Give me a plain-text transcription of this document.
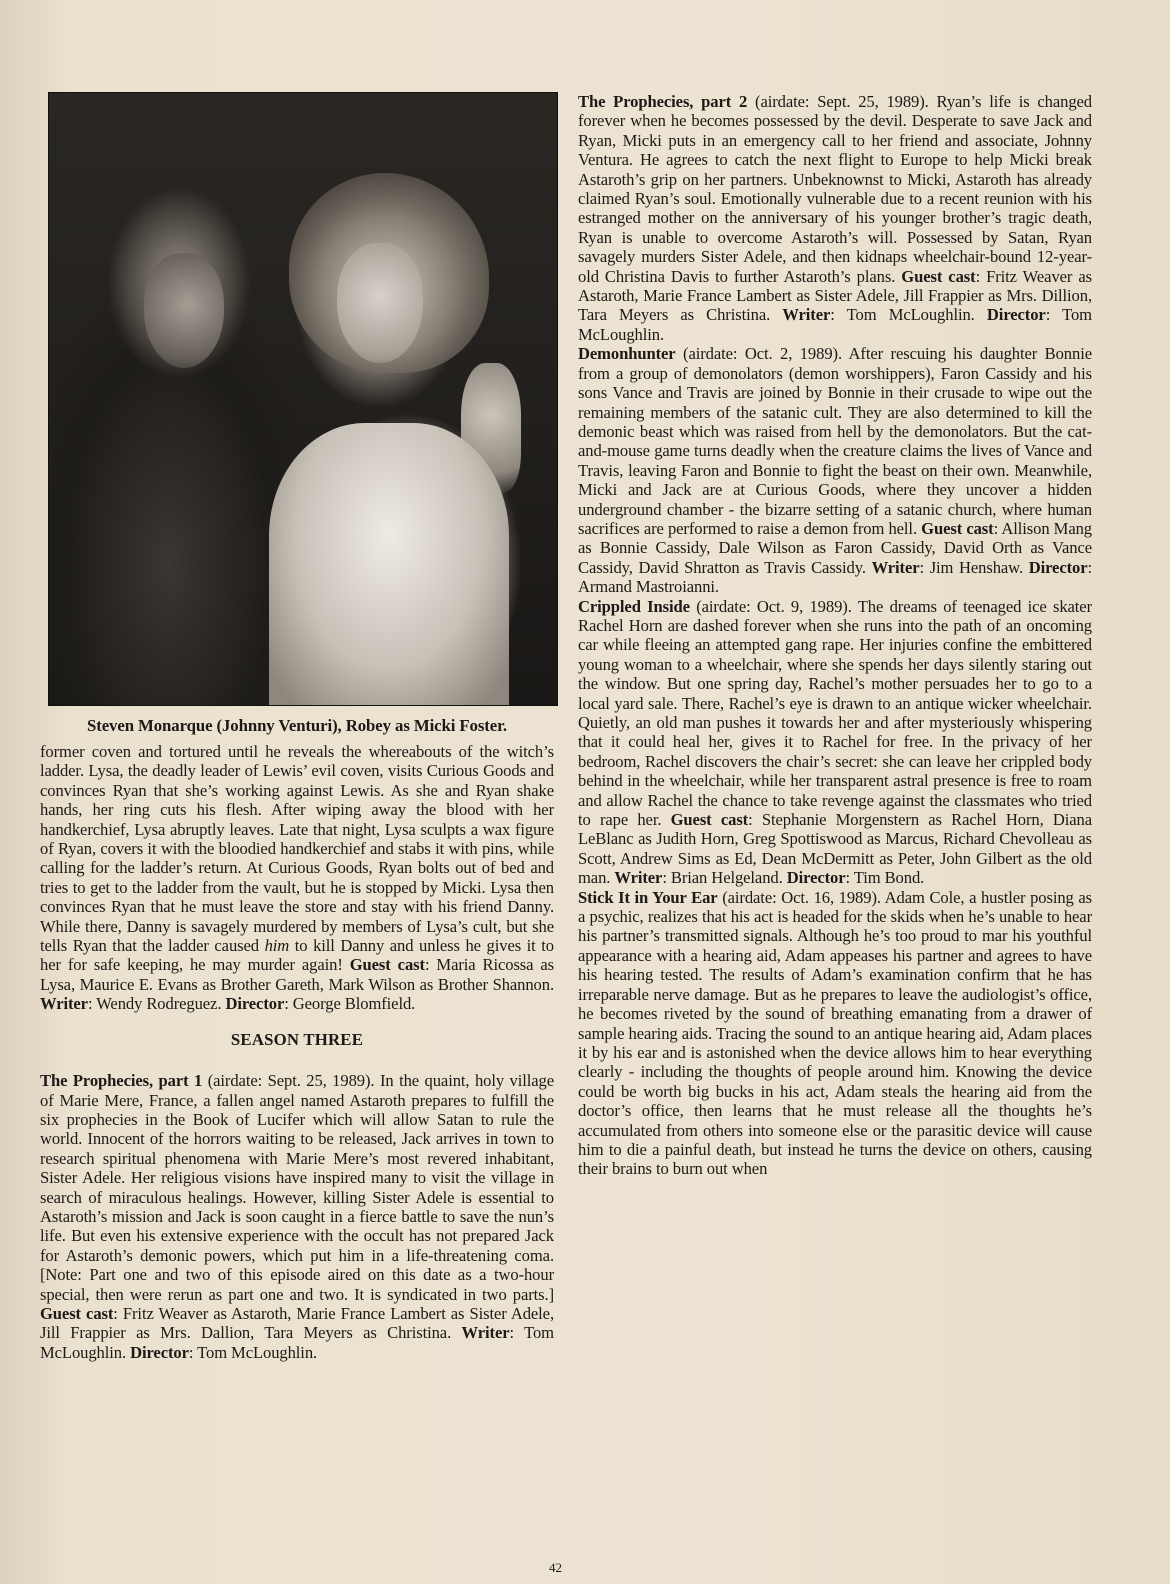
Steven Monarque (Johnny Venturi), Robey as Micki Foster.

former coven and tortured until he reveals the whereabouts of the witch’s ladder. Lysa, the deadly leader of Lewis’ evil coven, visits Curious Goods and convinces Ryan that she’s working against Lewis. As she and Ryan shake hands, her ring cuts his flesh. After wiping away the blood with her handkerchief, Lysa abruptly leaves. Late that night, Lysa sculpts a wax figure of Ryan, covers it with the bloodied handkerchief and stabs it with pins, while calling for the ladder’s return. At Curious Goods, Ryan bolts out of bed and tries to get to the ladder from the vault, but he is stopped by Micki. Lysa then convinces Ryan that he must leave the store and stay with his friend Danny. While there, Danny is savagely murdered by members of Lysa’s cult, but she tells Ryan that the ladder caused him to kill Danny and unless he gives it to her for safe keeping, he may murder again! Guest cast: Maria Ricossa as Lysa, Maurice E. Evans as Brother Gareth, Mark Wilson as Brother Shannon. Writer: Wendy Rodreguez. Director: George Blomfield.

SEASON THREE

The Prophecies, part 1 (airdate: Sept. 25, 1989). In the quaint, holy village of Marie Mere, France, a fallen angel named Astaroth prepares to fulfill the six prophecies in the Book of Lucifer which will allow Satan to rule the world. Innocent of the horrors waiting to be released, Jack arrives in town to research spiritual phenomena with Marie Mere’s most revered inhabitant, Sister Adele. Her religious visions have inspired many to visit the village in search of miraculous healings. However, killing Sister Adele is essential to Astaroth’s mission and Jack is soon caught in a fierce battle to save the nun’s life. But even his extensive experience with the occult has not prepared Jack for Astaroth’s demonic powers, which put him in a life-threatening coma. [Note: Part one and two of this episode aired on this date as a two-hour special, then were rerun as part one and two. It is syndicated in two parts.] Guest cast: Fritz Weaver as Astaroth, Marie France Lambert as Sister Adele, Jill Frappier as Mrs. Dallion, Tara Meyers as Christina. Writer: Tom McLoughlin. Director: Tom McLoughlin.

The Prophecies, part 2 (airdate: Sept. 25, 1989). Ryan’s life is changed forever when he becomes possessed by the devil. Desperate to save Jack and Ryan, Micki puts in an emergency call to her friend and associate, Johnny Ventura. He agrees to catch the next flight to Europe to help Micki break Astaroth’s grip on her partners. Unbeknownst to Micki, Astaroth has already claimed Ryan’s soul. Emotionally vulnerable due to a recent reunion with his estranged mother on the anniversary of his younger brother’s tragic death, Ryan is unable to overcome Astaroth’s will. Possessed by Satan, Ryan savagely murders Sister Adele, and then kidnaps wheelchair-bound 12-year-old Christina Davis to further Astaroth’s plans. Guest cast: Fritz Weaver as Astaroth, Marie France Lambert as Sister Adele, Jill Frappier as Mrs. Dillion, Tara Meyers as Christina. Writer: Tom McLoughlin. Director: Tom McLoughlin.

Demonhunter (airdate: Oct. 2, 1989). After rescuing his daughter Bonnie from a group of demonolators (demon worshippers), Faron Cassidy and his sons Vance and Travis are joined by Bonnie in their crusade to wipe out the remaining members of the satanic cult. They are also determined to kill the demonic beast which was raised from hell by the demonolators. But the cat-and-mouse game turns deadly when the creature claims the lives of Vance and Travis, leaving Faron and Bonnie to fight the beast on their own. Meanwhile, Micki and Jack are at Curious Goods, where they uncover a hidden underground chamber - the bizarre setting of a satanic church, where human sacrifices are performed to raise a demon from hell. Guest cast: Allison Mang as Bonnie Cassidy, Dale Wilson as Faron Cassidy, David Orth as Vance Cassidy, David Shratton as Travis Cassidy. Writer: Jim Henshaw. Director: Armand Mastroianni.

Crippled Inside (airdate: Oct. 9, 1989). The dreams of teenaged ice skater Rachel Horn are dashed forever when she runs into the path of an oncoming car while fleeing an attempted gang rape. Her injuries confine the embittered young woman to a wheelchair, where she spends her days silently staring out the window. But one spring day, Rachel’s mother persuades her to go to a local yard sale. There, Rachel’s eye is drawn to an antique wicker wheelchair. Quietly, an old man pushes it towards her and after mysteriously whispering that it could heal her, gives it to Rachel for free. In the privacy of her bedroom, Rachel discovers the chair’s secret: she can leave her crippled body behind in the wheelchair, while her transparent astral presence is free to roam and allow Rachel the chance to take revenge against the classmates who tried to rape her. Guest cast: Stephanie Morgenstern as Rachel Horn, Diana LeBlanc as Judith Horn, Greg Spottiswood as Marcus, Richard Chevolleau as Scott, Andrew Sims as Ed, Dean McDermitt as Peter, John Gilbert as the old man. Writer: Brian Helgeland. Director: Tim Bond.

Stick It in Your Ear (airdate: Oct. 16, 1989). Adam Cole, a hustler posing as a psychic, realizes that his act is headed for the skids when he’s unable to hear his partner’s transmitted signals. Although he’s too proud to mar his youthful appearance with a hearing aid, Adam appeases his partner and agrees to have his hearing tested. The results of Adam’s examination confirm that he has irreparable nerve damage. But as he prepares to leave the audiologist’s office, he becomes riveted by the sound of breathing emanating from a drawer of sample hearing aids. Tracing the sound to an antique hearing aid, Adam places it by his ear and is astonished when the device allows him to hear everything clearly - including the thoughts of people around him. Knowing the device could be worth big bucks in his act, Adam steals the hearing aid from the doctor’s office, then learns that he must release all the thoughts he’s accumulated from others into someone else or the parasitic device will cause him to die a painful death, but instead he turns the device on others, causing their brains to burn out when

42
